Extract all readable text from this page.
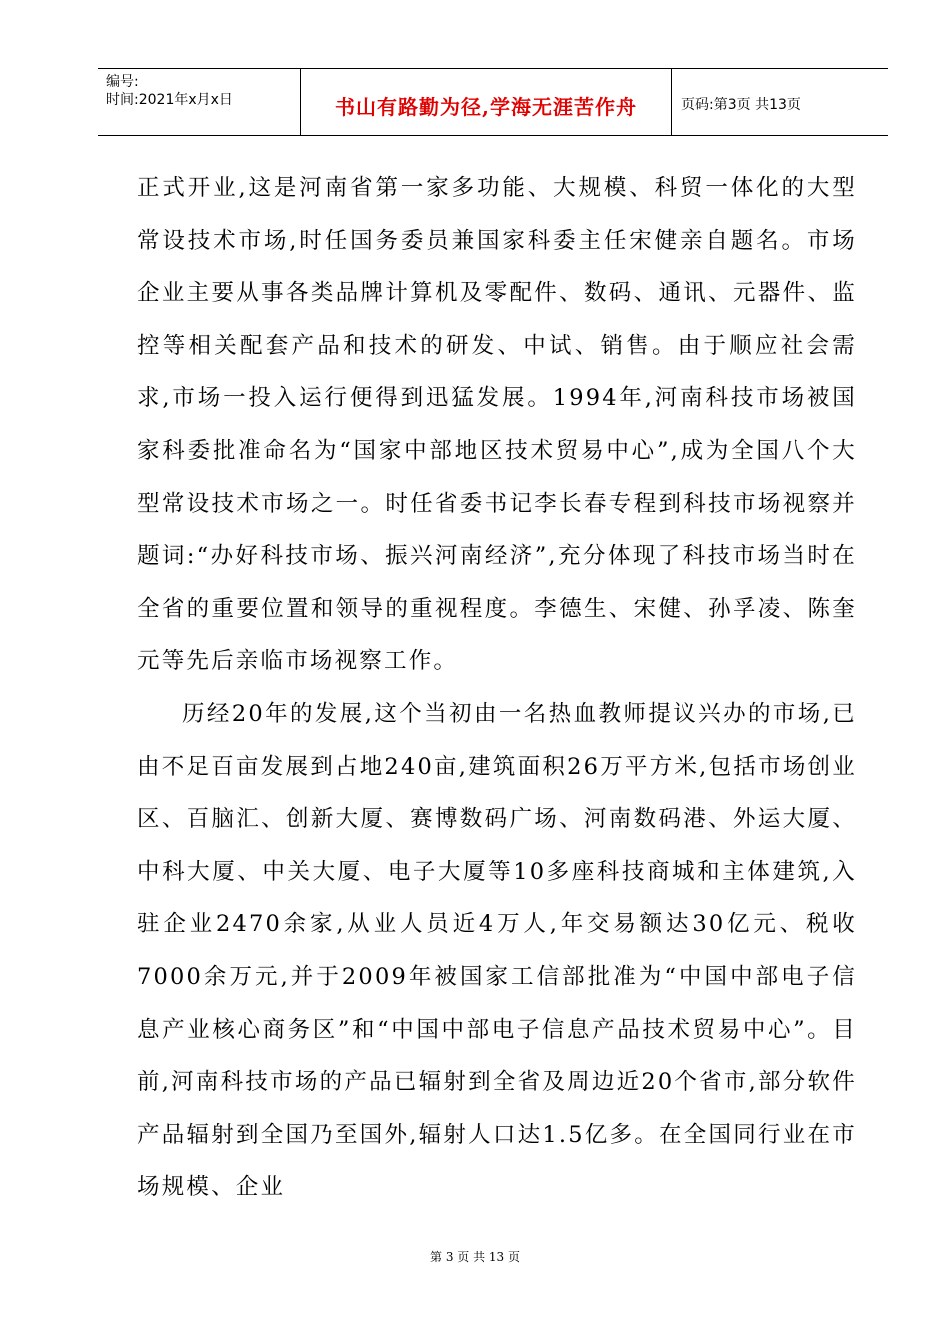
编号:
时间:2021年x月x日	书山有路勤为径,学海无涯苦作舟	页码:第3页 共13页

正式开业,这是河南省第一家多功能、大规模、科贸一体化的大型常设技术市场,时任国务委员兼国家科委主任宋健亲自题名。市场企业主要从事各类品牌计算机及零配件、数码、通讯、元器件、监控等相关配套产品和技术的研发、中试、销售。由于顺应社会需求,市场一投入运行便得到迅猛发展。1994年,河南科技市场被国家科委批准命名为“国家中部地区技术贸易中心”,成为全国八个大型常设技术市场之一。时任省委书记李长春专程到科技市场视察并题词:“办好科技市场、振兴河南经济”,充分体现了科技市场当时在全省的重要位置和领导的重视程度。李德生、宋健、孙孚凌、陈奎元等先后亲临市场视察工作。

历经20年的发展,这个当初由一名热血教师提议兴办的市场,已由不足百亩发展到占地240亩,建筑面积26万平方米,包括市场创业区、百脑汇、创新大厦、赛博数码广场、河南数码港、外运大厦、中科大厦、中关大厦、电子大厦等10多座科技商城和主体建筑,入驻企业2470余家,从业人员近4万人,年交易额达30亿元、税收7000余万元,并于2009年被国家工信部批准为“中国中部电子信息产业核心商务区”和“中国中部电子信息产品技术贸易中心”。目前,河南科技市场的产品已辐射到全省及周边近20个省市,部分软件产品辐射到全国乃至国外,辐射人口达1.5亿多。在全国同行业在市场规模、企业

第 3 页 共 13 页
